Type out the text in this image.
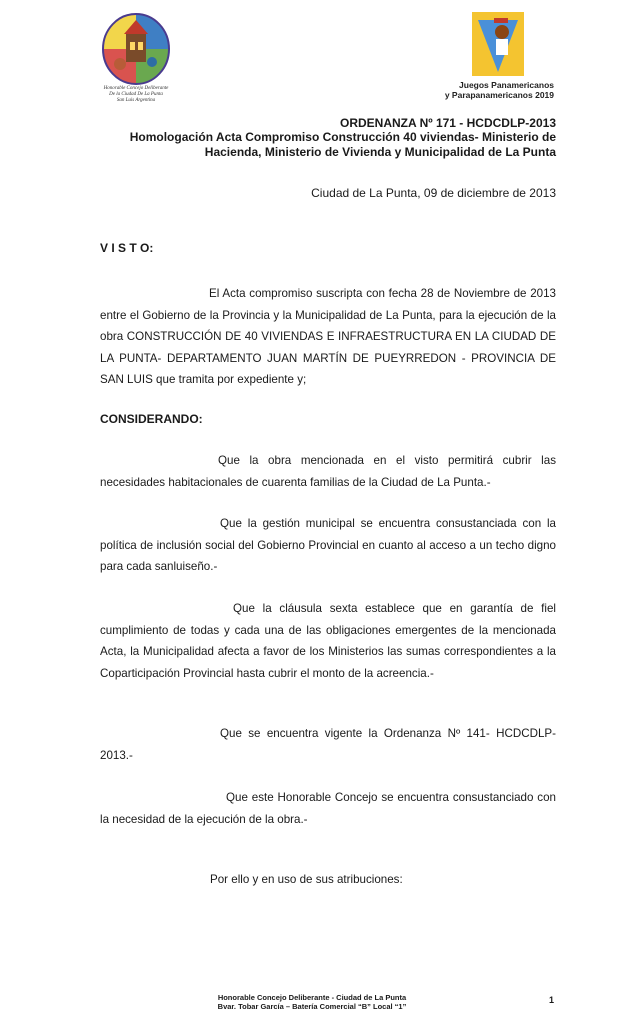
Honorable Concejo Deliberante
De la Ciudad De La Punta
San Luis Argentina
Juegos Panamericanos
y Parapanamericanos 2019
ORDENANZA Nº 171 - HCDCDLP-2013
Homologación Acta Compromiso Construcción 40 viviendas- Ministerio de
Hacienda, Ministerio de Vivienda y Municipalidad de La Punta
Ciudad de La Punta, 09 de diciembre de 2013
V I S T O:
El Acta compromiso suscripta con fecha 28 de Noviembre de 2013 entre el Gobierno de la Provincia y la Municipalidad de La Punta, para la ejecución de la obra CONSTRUCCIÓN DE 40 VIVIENDAS E INFRAESTRUCTURA EN LA CIUDAD DE LA PUNTA- DEPARTAMENTO JUAN MARTÍN DE PUEYRREDON - PROVINCIA DE SAN LUIS que tramita por expediente y;
CONSIDERANDO:
Que la obra mencionada en el visto permitirá cubrir las necesidades habitacionales de cuarenta familias de la Ciudad de La Punta.-
Que la gestión municipal se encuentra consustanciada con la política de inclusión social del Gobierno Provincial en cuanto al acceso a un techo digno para cada sanluiseño.-
Que la cláusula sexta establece que en garantía de fiel cumplimiento de todas y cada una de las obligaciones emergentes de la mencionada Acta, la Municipalidad afecta a favor de los Ministerios las sumas correspondientes a la Coparticipación Provincial hasta cubrir el monto de la acreencia.-
Que se encuentra vigente la Ordenanza Nº 141- HCDCDLP-2013.-
Que este Honorable Concejo se encuentra consustanciado con la necesidad de la ejecución de la obra.-
Por ello y en uso de sus atribuciones:
Honorable Concejo Deliberante - Ciudad de La Punta
Bvar. Tobar García – Batería Comercial “B” Local “1”
1
